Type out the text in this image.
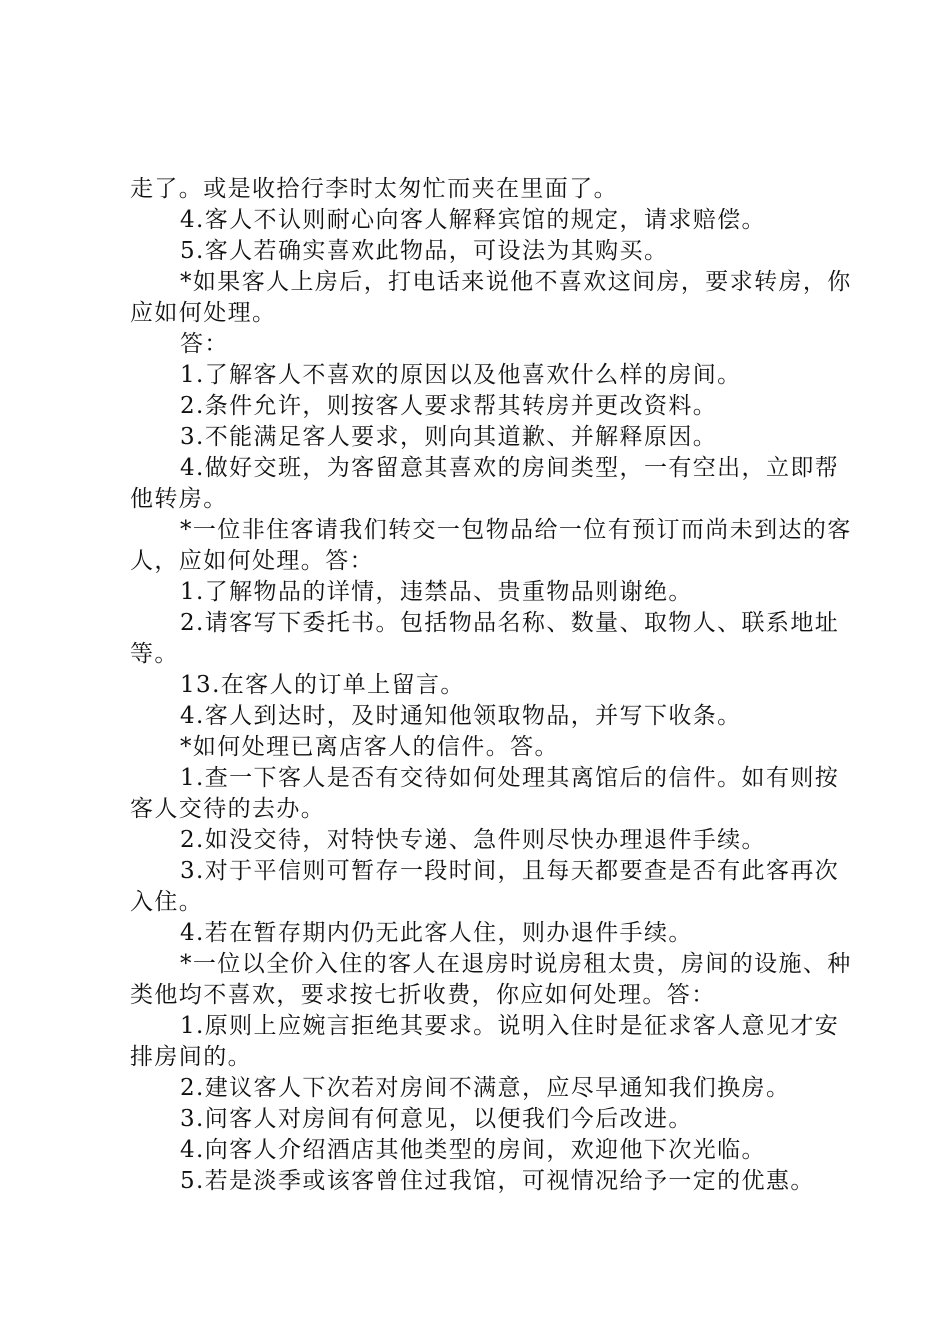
走了。或是收拾行李时太匆忙而夹在里面了。

4.客人不认则耐心向客人解释宾馆的规定，请求赔偿。

5.客人若确实喜欢此物品，可设法为其购买。

*如果客人上房后，打电话来说他不喜欢这间房，要求转房，你应如何处理。

答：

1.了解客人不喜欢的原因以及他喜欢什么样的房间。

2.条件允许，则按客人要求帮其转房并更改资料。

3.不能满足客人要求，则向其道歉、并解释原因。

4.做好交班，为客留意其喜欢的房间类型，一有空出，立即帮他转房。

*一位非住客请我们转交一包物品给一位有预订而尚未到达的客人，应如何处理。答：

1.了解物品的详情，违禁品、贵重物品则谢绝。

2.请客写下委托书。包括物品名称、数量、取物人、联系地址等。

13.在客人的订单上留言。

4.客人到达时，及时通知他领取物品，并写下收条。

*如何处理已离店客人的信件。答。

1.查一下客人是否有交待如何处理其离馆后的信件。如有则按客人交待的去办。

2.如没交待，对特快专递、急件则尽快办理退件手续。

3.对于平信则可暂存一段时间，且每天都要查是否有此客再次入住。

4.若在暂存期内仍无此客人住，则办退件手续。

*一位以全价入住的客人在退房时说房租太贵，房间的设施、种类他均不喜欢，要求按七折收费，你应如何处理。答：

1.原则上应婉言拒绝其要求。说明入住时是征求客人意见才安排房间的。

2.建议客人下次若对房间不满意，应尽早通知我们换房。

3.问客人对房间有何意见，以便我们今后改进。

4.向客人介绍酒店其他类型的房间，欢迎他下次光临。

5.若是淡季或该客曾住过我馆，可视情况给予一定的优惠。
